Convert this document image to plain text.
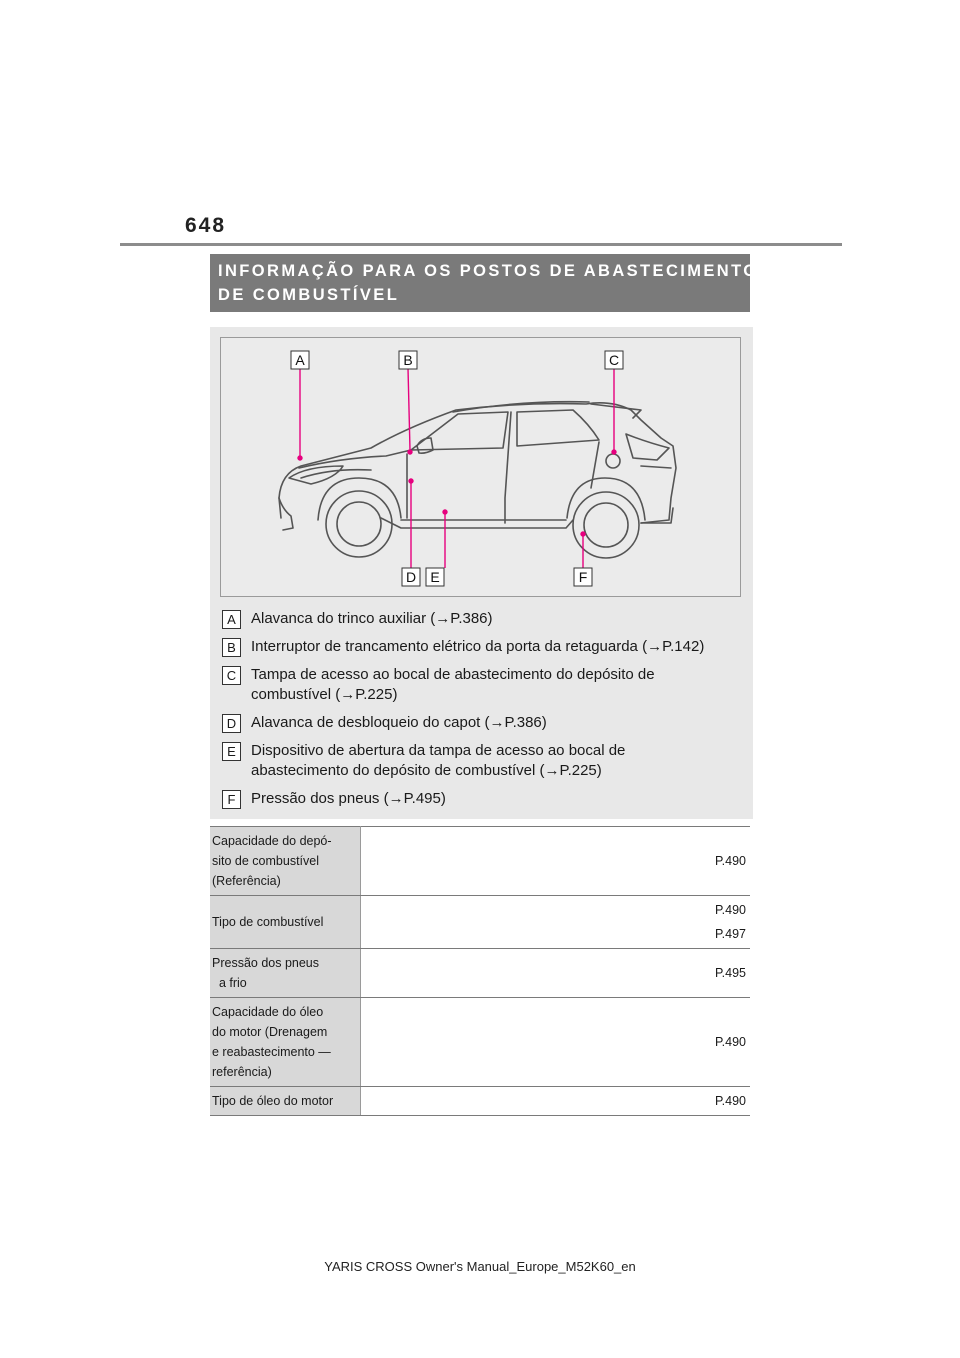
648
INFORMAÇÃO PARA OS POSTOS DE ABASTECIMENTO
DE COMBUSTÍVEL
A	B	C
D E	F
A	Alavanca do trinco auxiliar (→P.386)
B	Interruptor de trancamento elétrico da porta da retaguarda (→P.142)
C Tampa de acesso ao bocal de abastecimento do depósito de combustível (→P.225)
D Alavanca de desbloqueio do capot (→P.386)
E	Dispositivo de abertura da tampa de acesso ao bocal de abastecimento do depósito de combustível (→P.225)
F	Pressão dos pneus (→P.495)
Capacidade do depó-
sito de combustível
(Referência)	P.490

Tipo de combustível	P.490
P.497

Pressão dos pneus
a frio	P.495

Capacidade do óleo
do motor (Drenagem
e reabastecimento —
referência)	P.490

Tipo de óleo do motor	P.490
YARIS CROSS Owner's Manual_Europe_M52K60_en
